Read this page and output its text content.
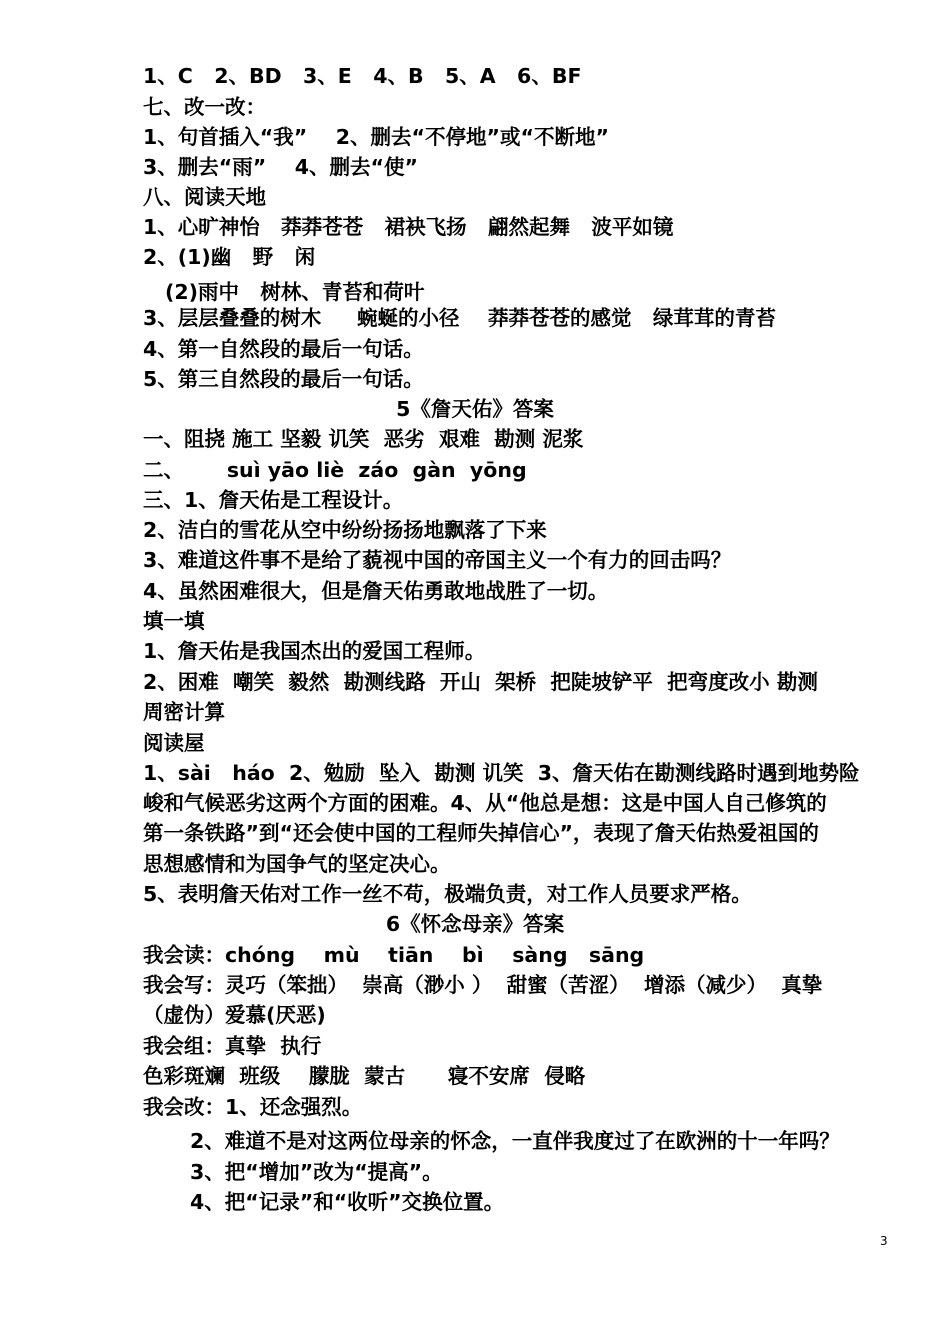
1、C   2、BD   3、E   4、B   5、A   6、BF
七、改一改：
1、句首插入“我”    2、删去“不停地”或“不断地”
3、删去“雨”    4、删去“使”
八、阅读天地
1、心旷神怡   莽莽苍苍   裙袂飞扬   翩然起舞   波平如镜
2、(1)幽   野   闲
(2)雨中   树林、青苔和荷叶
3、层层叠叠的树木     蜿蜒的小径    莽莽苍苍的感觉   绿茸茸的青苔
4、第一自然段的最后一句话。
5、第三自然段的最后一句话。
5《詹天佑》答案
一、阻挠 施工 坚毅 讥笑  恶劣  艰难  勘测 泥浆
二、      suì yāo liè  záo  gàn  yōng
三、1、詹天佑是工程设计。
2、洁白的雪花从空中纷纷扬扬地飘落了下来
3、难道这件事不是给了藐视中国的帝国主义一个有力的回击吗？
4、虽然困难很大，但是詹天佑勇敢地战胜了一切。
填一填
1、詹天佑是我国杰出的爱国工程师。
2、困难  嘲笑  毅然  勘测线路  开山  架桥  把陡坡铲平  把弯度改小 勘测
周密计算
阅读屋
1、sài   háo  2、勉励  坠入  勘测 讥笑  3、詹天佑在勘测线路时遇到地势险
峻和气候恶劣这两个方面的困难。4、从“他总是想：这是中国人自己修筑的
第一条铁路”到“还会使中国的工程师失掉信心”，表现了詹天佑热爱祖国的
思想感情和为国争气的坚定决心。
5、表明詹天佑对工作一丝不苟，极端负责，对工作人员要求严格。
6《怀念母亲》答案
我会读：chóng    mù    tiān    bì    sàng   sāng
我会写：灵巧（笨拙）  崇高（渺小 ）  甜蜜（苦涩）  增添（减少）  真挚
（虚伪）爱慕(厌恶)
我会组：真挚  执行
色彩斑斓  班级    朦胧  蒙古      寝不安席  侵略
我会改：1、还念强烈。
2、难道不是对这两位母亲的怀念，一直伴我度过了在欧洲的十一年吗？
3、把“增加”改为“提高”。
4、把“记录”和“收听”交换位置。
3
